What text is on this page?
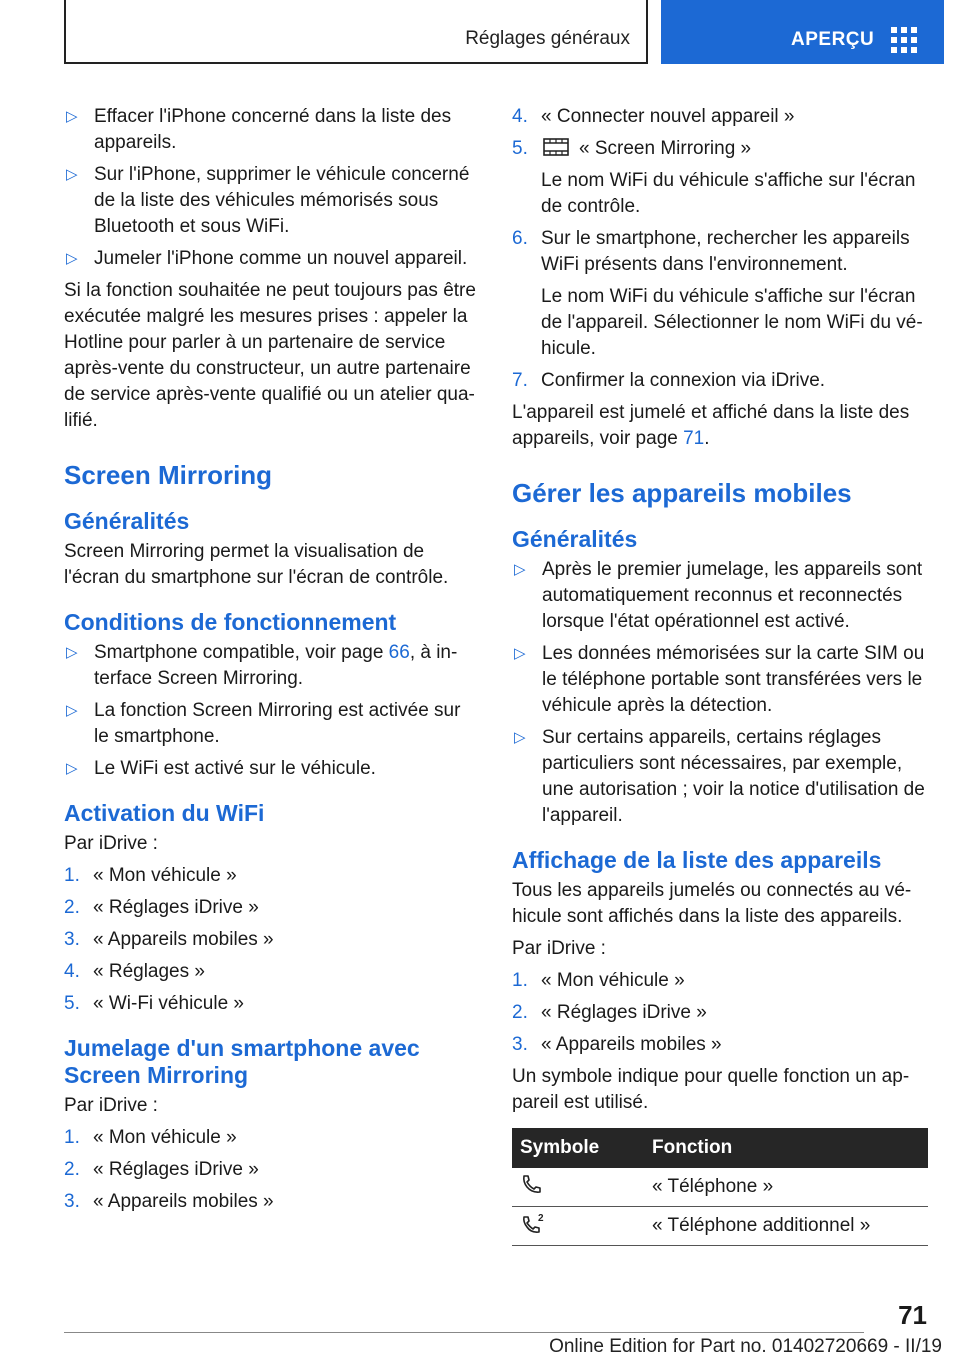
Réglages généraux	APERÇU
▷ Effacer l'iPhone concerné dans la liste des appareils.
▷ Sur l'iPhone, supprimer le véhicule concerné de la liste des véhicules mémorisés sous Bluetooth et sous WiFi.
▷ Jumeler l'iPhone comme un nouvel appareil.

Si la fonction souhaitée ne peut toujours pas être exécutée malgré les mesures prises : appeler la Hotline pour parler à un partenaire de service après-vente du constructeur, un autre partenaire de service après-vente qualifié ou un atelier qualifié.

Screen Mirroring
Généralités

Screen Mirroring permet la visualisation de l'écran du smartphone sur l'écran de contrôle.

Conditions de fonctionnement
▷ Smartphone compatible, voir page 66, à interface Screen Mirroring.
▷ La fonction Screen Mirroring est activée sur le smartphone.
▷ Le WiFi est activé sur le véhicule.
Activation du WiFi

Par iDrive :

1. « Mon véhicule »
2. « Réglages iDrive »
3. « Appareils mobiles »
4. « Réglages »
5. « Wi-Fi véhicule »
Jumelage d'un smartphone avec Screen Mirroring

Par iDrive :

1. « Mon véhicule »
2. « Réglages iDrive »
3. « Appareils mobiles »
4. « Connecter nouvel appareil »
5.	« Screen Mirroring »

Le nom WiFi du véhicule s'affiche sur l'écran de contrôle.

6. Sur le smartphone, rechercher les appareils WiFi présents dans l'environnement.

Le nom WiFi du véhicule s'affiche sur l'écran de l'appareil. Sélectionner le nom WiFi du véhicule.

7. Confirmer la connexion via iDrive.

L'appareil est jumelé et affiché dans la liste des appareils, voir page 71.

Gérer les appareils mobiles
Généralités
▷ Après le premier jumelage, les appareils sont automatiquement reconnus et reconnectés lorsque l'état opérationnel est activé.
▷ Les données mémorisées sur la carte SIM ou le téléphone portable sont transférées vers le véhicule après la détection.
▷ Sur certains appareils, certains réglages particuliers sont nécessaires, par exemple, une autorisation ; voir la notice d'utilisation de l'appareil.
Affichage de la liste des appareils

Tous les appareils jumelés ou connectés au véhicule sont affichés dans la liste des appareils.

Par iDrive :

1. « Mon véhicule »
2. « Réglages iDrive »
3. « Appareils mobiles »

Un symbole indique pour quelle fonction un appareil est utilisé.

Symbole	Fonction
	« Téléphone »

2	« Téléphone additionnel »
71
Online Edition for Part no. 01402720669 - II/19
